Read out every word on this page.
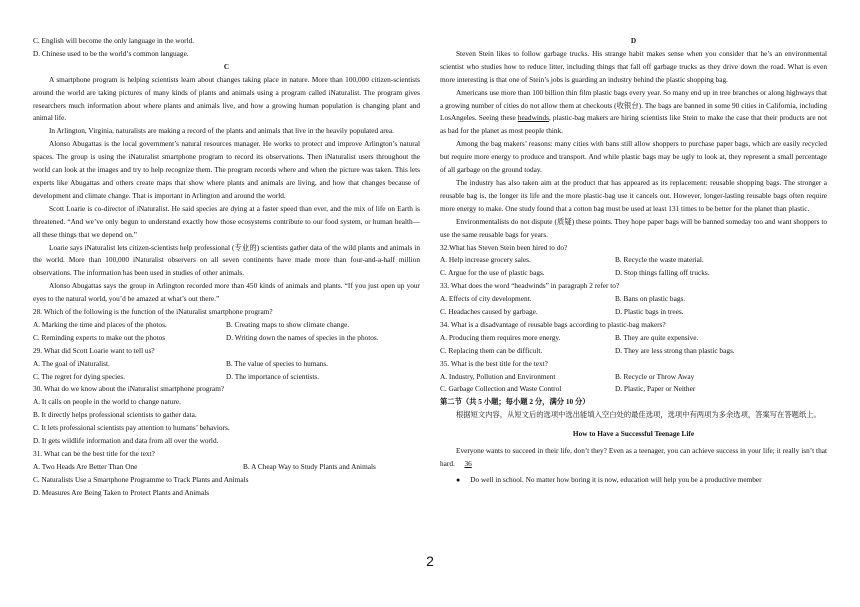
C. English will become the only language in the world.

D. Chinese used to be the world’s common language.

C

A smartphone program is helping scientists learn about changes taking place in nature. More than 100,000 citizen-scientists around the world are taking pictures of many kinds of plants and animals using a program called iNaturalist. The program gives researchers much information about where plants and animals live, and how a growing human population is changing plant and animal life.

In Arlington, Virginia, naturalists are making a record of the plants and animals that live in the heavily populated area.

Alonso Abugattas is the local government’s natural resources manager. He works to protect and improve Arlington’s natural spaces. The group is using the iNaturalist smartphone program to record its observations. Then iNaturalist users throughout the world can look at the images and try to help recognize them. The program records where and when the picture was taken. This lets experts like Abugattas and others create maps that show where plants and animals are living, and how that changes because of development and climate change. That is important in Arlington and around the world.

Scott Loarie is co-director of iNaturalist. He said species are dying at a faster speed than ever, and the mix of life on Earth is threatened. “And we’ve only begun to understand exactly how those ecosystems contribute to our food system, or human health—all these things that we depend on.”

Loarie says iNaturalist lets citizen-scientists help professional (专业的) scientists gather data of the wild plants and animals in the world. More than 100,000 iNaturalist observers on all seven continents have made more than four-and-a-half million observations. The information has been used in studies of other animals.

Alonso Abugattas says the group in Arlington recorded more than 450 kinds of animals and plants. “If you just open up your eyes to the natural world, you’d be amazed at what’s out there.”

28. Which of the following is the function of the iNaturalist smartphone program?

A. Marking the time and places of the photos.	B. Creating maps to show climate change.
C. Reminding experts to make out the photos	D. Writing down the names of species in the photos.

29. What did Scott Loarie want to tell us?

A. The goal of iNaturalist.	B. The value of species to humans.
C. The regret for dying species.	D. The importance of scientists.

30. What do we know about the iNaturalist smartphone program?

A. It calls on people in the world to change nature.

B. It directly helps professional scientists to gather data.

C. It lets professional scientists pay attention to humans’ behaviors.

D. It gets wildlife information and data from all over the world.

31. What can be the best title for the text?

A. Two Heads Are Better Than One	B. A Cheap Way to Study Plants and Animals

C. Naturalists Use a Smartphone Programme to Track Plants and Animals

D. Measures Are Being Taken to Protect Plants and Animals

D

Steven Stein likes to follow garbage trucks. His strange habit makes sense when you consider that he’s an environmental scientist who studies how to reduce litter, including things that fall off garbage trucks as they drive down the road. What is even more interesting is that one of Stein’s jobs is guarding an industry behind the plastic shopping bag.

Americans use more than 100 billion thin film plastic bags every year. So many end up in tree branches or along highways that a growing number of cities do not allow them at checkouts (收银台). The bags are banned in some 90 cities in California, including LosAngeles. Seeing these headwinds, plastic-bag makers are hiring scientists like Stein to make the case that their products are not as bad for the planet as most people think.

Among the bag makers’ reasons: many cities with bans still allow shoppers to purchase paper bags, which are easily recycled but require more energy to produce and transport. And while plastic bags may be ugly to look at, they represent a small percentage of all garbage on the ground today.

The industry has also taken aim at the product that has appeared as its replacement: reusable shopping bags. The stronger a reusable bag is, the longer its life and the more plastic-bag use it cancels out. However, longer-lasting reusable bags often require more energy to make. One study found that a cotton bag must be used at least 131 times to be better for the planet than plastic.

Environmentalists do not dispute (质疑) these points. They hope paper bags will be banned someday too and want shoppers to use the same reusable bags for years.

32.What has Steven Stein been hired to do?

A. Help increase grocery sales.	B. Recycle the waste material.
C. Argue for the use of plastic bags.	D. Stop things falling off trucks.

33. What does the word “headwinds” in paragraph 2 refer to?

A. Effects of city development.	B. Bans on plastic bags.
C. Headaches caused by garbage.	D. Plastic bags in trees.

34. What is a disadvantage of reusable bags according to plastic-bag makers?

A. Producing them requires more energy.	B. They are quite expensive.
C. Replacing them can be difficult.	D. They are less strong than plastic bags.

35. What is the best title for the text?

A. Industry, Pollution and Environment	B. Recycle or Throw Away
C. Garbage Collection and Waste Control	D. Plastic, Paper or Neither

第二节（共 5 小题；每小题 2 分，满分 10 分）

根据短文内容，从短文后的选项中选出能填入空白处的最佳选项，选项中有两项为多余选项，答案写在答题纸上。

How to Have a Successful Teenage Life

Everyone wants to succeed in their life, don’t they? Even as a teenager, you can achieve success in your life; it really isn’t that hard. 36

● Do well in school. No matter how boring it is now, education will help you be a productive member

2
